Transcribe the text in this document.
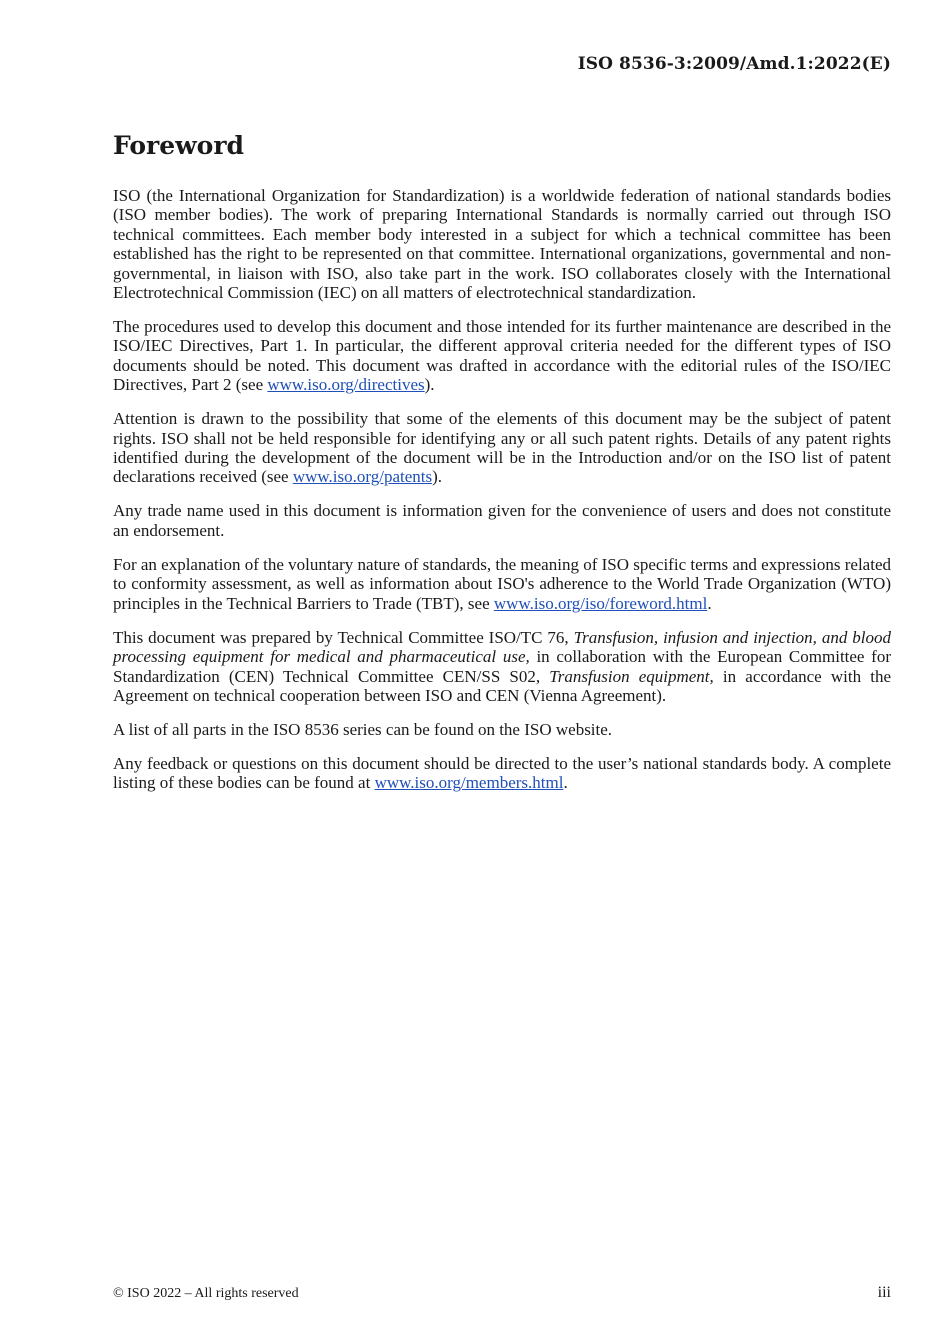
ISO 8536-3:2009/Amd.1:2022(E)
Foreword

ISO (the International Organization for Standardization) is a worldwide federation of national standards bodies (ISO member bodies). The work of preparing International Standards is normally carried out through ISO technical committees. Each member body interested in a subject for which a technical committee has been established has the right to be represented on that committee. International organizations, governmental and non-governmental, in liaison with ISO, also take part in the work. ISO collaborates closely with the International Electrotechnical Commission (IEC) on all matters of electrotechnical standardization.

The procedures used to develop this document and those intended for its further maintenance are described in the ISO/IEC Directives, Part 1. In particular, the different approval criteria needed for the different types of ISO documents should be noted. This document was drafted in accordance with the editorial rules of the ISO/IEC Directives, Part 2 (see www.iso.org/directives).

Attention is drawn to the possibility that some of the elements of this document may be the subject of patent rights. ISO shall not be held responsible for identifying any or all such patent rights. Details of any patent rights identified during the development of the document will be in the Introduction and/or on the ISO list of patent declarations received (see www.iso.org/patents).

Any trade name used in this document is information given for the convenience of users and does not constitute an endorsement.

For an explanation of the voluntary nature of standards, the meaning of ISO specific terms and expressions related to conformity assessment, as well as information about ISO's adherence to the World Trade Organization (WTO) principles in the Technical Barriers to Trade (TBT), see www.iso.org/iso/foreword.html.

This document was prepared by Technical Committee ISO/TC 76, Transfusion, infusion and injection, and blood processing equipment for medical and pharmaceutical use, in collaboration with the European Committee for Standardization (CEN) Technical Committee CEN/SS S02, Transfusion equipment, in accordance with the Agreement on technical cooperation between ISO and CEN (Vienna Agreement).

A list of all parts in the ISO 8536 series can be found on the ISO website.

Any feedback or questions on this document should be directed to the user’s national standards body. A complete listing of these bodies can be found at www.iso.org/members.html.

© ISO 2022 – All rights reserved	iii
